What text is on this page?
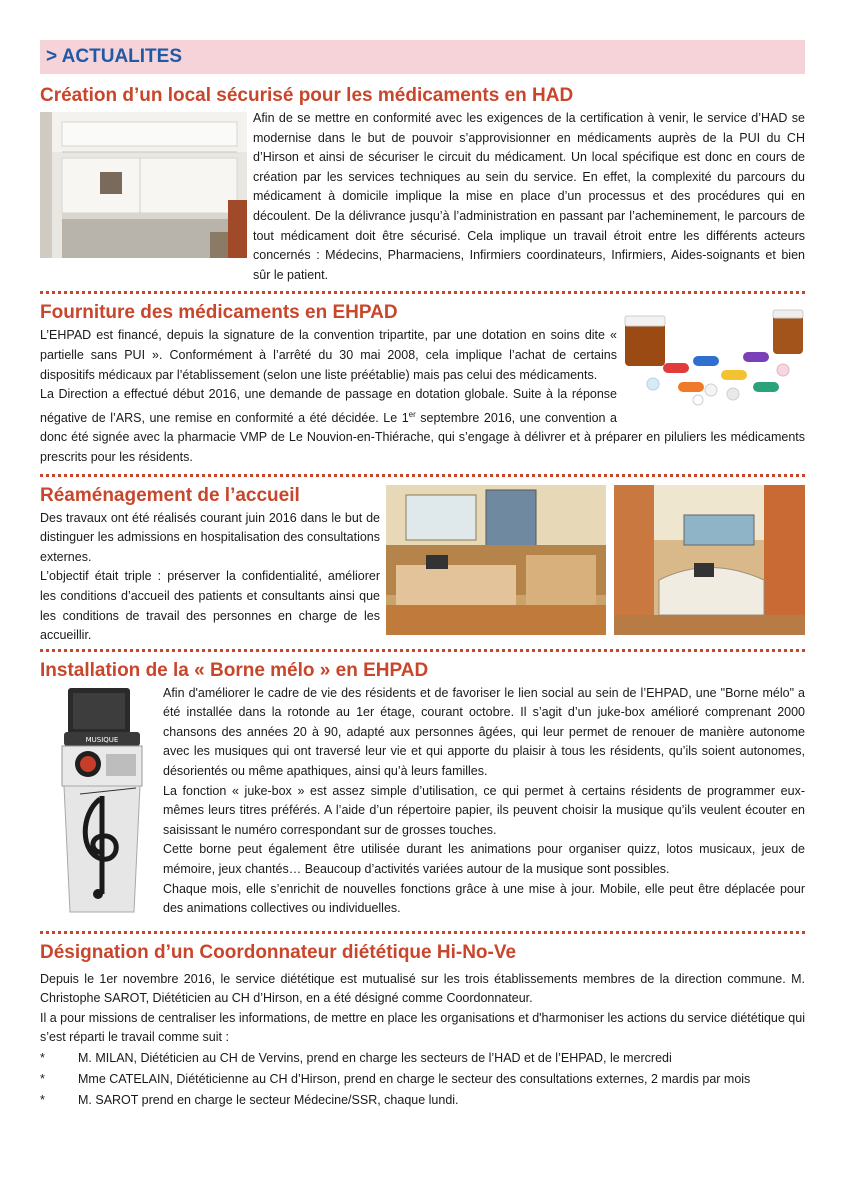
> ACTUALITES
Création d’un local sécurisé pour les médicaments en HAD

Afin de se mettre en conformité avec les exigences de la certification à venir, le service d’HAD se modernise dans le but de pouvoir s’approvisionner en médicaments auprès de la PUI du CH d’Hirson et ainsi de sécuriser le circuit du médicament. Un local spécifique est donc en cours de création par les services techniques au sein du service. En effet, la complexité du parcours du médicament à domicile implique la mise en place d’un processus et des procédures qui en découlent. De la délivrance jusqu’à l’administration en passant par l’acheminement, le parcours de tout médicament doit être sécurisé. Cela implique un travail étroit entre les différents acteurs concernés : Médecins, Pharmaciens, Infirmiers coordinateurs, Infirmiers, Aides-soignants et bien sûr le patient.

Fourniture des médicaments en EHPAD

L’EHPAD est financé, depuis la signature de la convention tripartite, par une dotation en soins dite « partielle sans PUI ». Conformément à l’arrêté du 30 mai 2008, cela implique l’achat de certains dispositifs médicaux par l’établissement (selon une liste préétablie) mais pas celui des médicaments.

La Direction a effectué début 2016, une demande de passage en dotation globale. Suite à la réponse négative de l’ARS, une remise en conformité a été décidée. Le 1er septembre 2016, une convention a donc été signée avec la pharmacie VMP de Le Nouvion-en-Thiérache, qui s’engage à délivrer et à préparer en piluliers les médicaments prescrits pour les résidents.

Réaménagement de l’accueil

Des travaux ont été réalisés courant juin 2016 dans le but de distinguer les admissions en hospitalisation des consultations externes.

L’objectif était triple : préserver la confidentialité, améliorer les conditions d’accueil des patients et consultants ainsi que les conditions de travail des personnes en charge de les accueillir.

Installation de la « Borne mélo » en EHPAD
MUSIQUE

Afin d'améliorer le cadre de vie des résidents et de favoriser le lien social au sein de l’EHPAD, une "Borne mélo" a été installée dans la rotonde au 1er étage, courant octobre. Il s’agit d’un juke-box amélioré comprenant 2000 chansons des années 20 à 90, adapté aux personnes âgées, qui leur permet de renouer de manière autonome avec les musiques qui ont traversé leur vie et qui apporte du plaisir à tous les résidents, qu’ils soient autonomes, désorientés ou même apathiques, ainsi qu’à leurs familles.

La fonction « juke-box » est assez simple d’utilisation, ce qui permet à certains résidents de programmer eux-mêmes leurs titres préférés. A l’aide d’un répertoire papier, ils peuvent choisir la musique qu’ils veulent écouter en saisissant le numéro correspondant sur de grosses touches.

Cette borne peut également être utilisée durant les animations pour organiser quizz, lotos musicaux, jeux de mémoire, jeux chantés… Beaucoup d’activités variées autour de la musique sont possibles.

Chaque mois, elle s’enrichit de nouvelles fonctions grâce à une mise à jour. Mobile, elle peut être déplacée pour des animations collectives ou individuelles.

Désignation d’un Coordonnateur diététique Hi-No-Ve

Depuis le 1er novembre 2016, le service diététique est mutualisé sur les trois établissements membres de la direction commune. M. Christophe SAROT, Diététicien au CH d’Hirson, en a été désigné comme Coordonnateur.

Il a pour missions de centraliser les informations, de mettre en place les organisations et d'harmoniser les actions du service diététique qui s’est réparti le travail comme suit :

*	M. MILAN, Diététicien au CH de Vervins, prend en charge les secteurs de l’HAD et de l’EHPAD, le mercredi
*	Mme CATELAIN, Diététicienne au CH d’Hirson, prend en charge le secteur des consultations externes, 2 mardis par mois
*	M. SAROT prend en charge le secteur Médecine/SSR, chaque lundi.
